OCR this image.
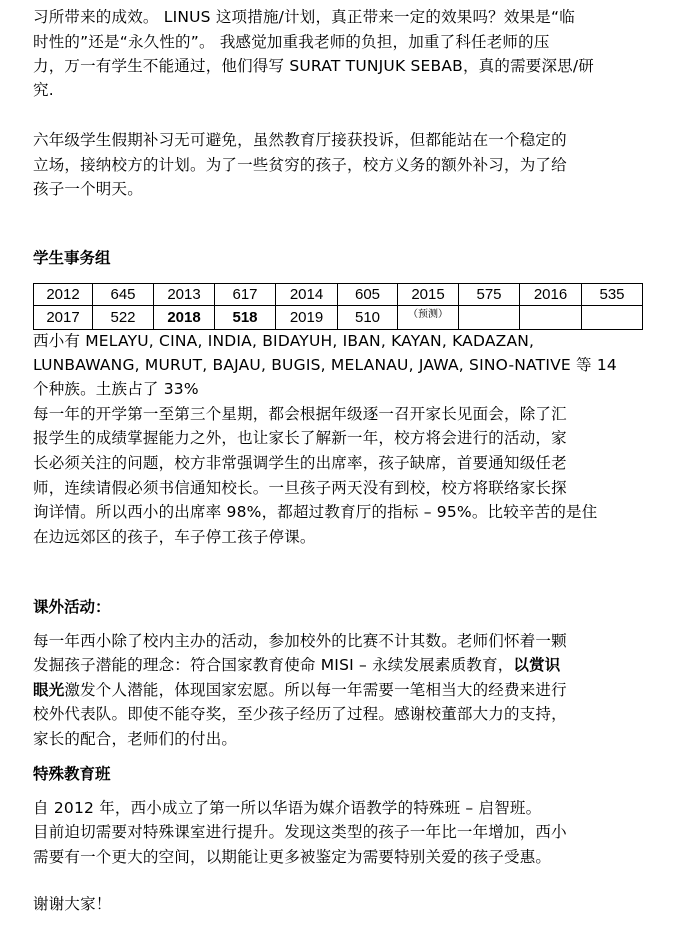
习所带来的成效。 LINUS 这项措施/计划，真正带来一定的效果吗？效果是“临
时性的”还是“永久性的”。 我感觉加重我老师的负担，加重了科任老师的压
力，万一有学生不能通过，他们得写 SURAT TUNJUK SEBAB，真的需要深思/研
究.
六年级学生假期补习无可避免，虽然教育厅接获投诉，但都能站在一个稳定的
立场，接纳校方的计划。为了一些贫穷的孩子，校方义务的额外补习，为了给
孩子一个明天。
学生事务组
2012	645	2013	617	2014	605	2015	575	2016	535
2017	522	2018	518	2019	510	$^{(预测)}$			
西小有 MELAYU, CINA, INDIA, BIDAYUH, IBAN, KAYAN, KADAZAN,
LUNBAWANG, MURUT, BAJAU, BUGIS, MELANAU, JAWA, SINO-NATIVE 等 14
个种族。土族占了 33%
每一年的开学第一至第三个星期，都会根据年级逐一召开家长见面会，除了汇
报学生的成绩掌握能力之外，也让家长了解新一年，校方将会进行的活动，家
长必须关注的问题，校方非常强调学生的出席率，孩子缺席，首要通知级任老
师，连续请假必须书信通知校长。一旦孩子两天没有到校，校方将联络家长探
询详情。所以西小的出席率 98%，都超过教育厅的指标 – 95%。比较辛苦的是住
在边远郊区的孩子，车子停工孩子停课。
课外活动：
每一年西小除了校内主办的活动，参加校外的比赛不计其数。老师们怀着一颗
发掘孩子潜能的理念：符合国家教育使命 MISI – 永续发展素质教育，以赏识
眼光激发个人潜能，体现国家宏愿。所以每一年需要一笔相当大的经费来进行
校外代表队。即使不能夺奖，至少孩子经历了过程。感谢校董部大力的支持，
家长的配合，老师们的付出。
特殊教育班
自 2012 年，西小成立了第一所以华语为媒介语教学的特殊班 – 启智班。
目前迫切需要对特殊课室进行提升。发现这类型的孩子一年比一年增加，西小
需要有一个更大的空间，以期能让更多被鉴定为需要特别关爱的孩子受惠。
谢谢大家！
